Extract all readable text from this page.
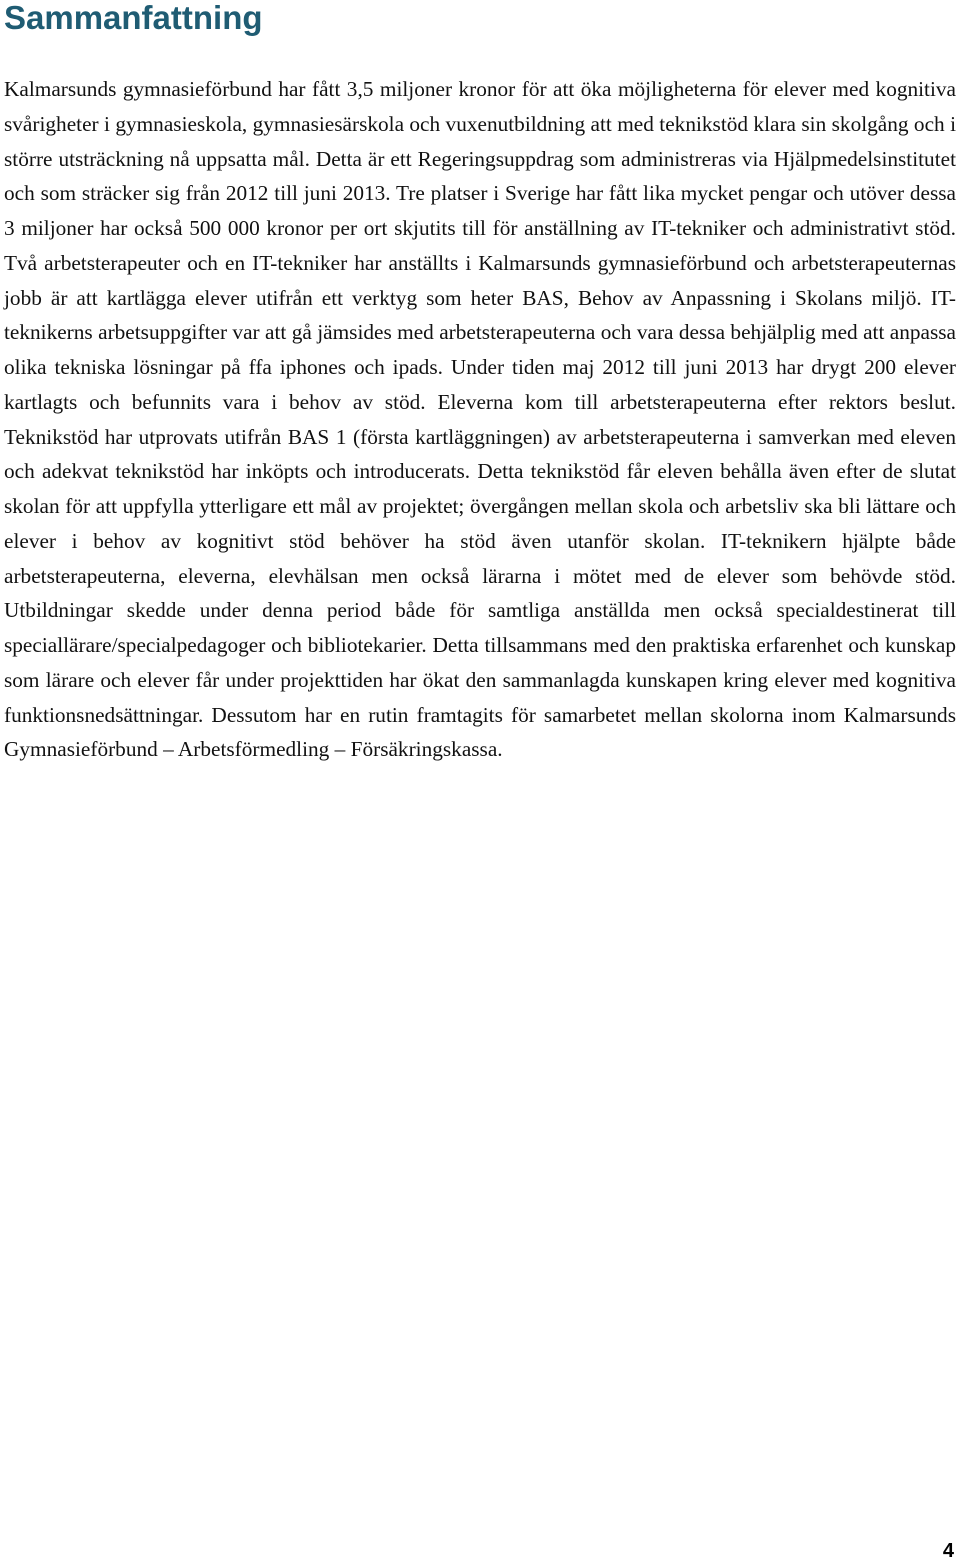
Sammanfattning

Kalmarsunds gymnasieförbund har fått 3,5 miljoner kronor för att öka möjligheterna för elever med kognitiva svårigheter i gymnasieskola, gymnasiesärskola och vuxenutbildning att med teknikstöd klara sin skolgång och i större utsträckning nå uppsatta mål. Detta är ett Regeringsuppdrag som administreras via Hjälpmedelsinstitutet och som sträcker sig från 2012 till juni 2013. Tre platser i Sverige har fått lika mycket pengar och utöver dessa 3 miljoner har också 500 000 kronor per ort skjutits till för anställning av IT-tekniker och administrativt stöd. Två arbetsterapeuter och en IT-tekniker har anställts i Kalmarsunds gymnasieförbund och arbetsterapeuternas jobb är att kartlägga elever utifrån ett verktyg som heter BAS, Behov av Anpassning i Skolans miljö. IT-teknikerns arbetsuppgifter var att gå jämsides med arbetsterapeuterna och vara dessa behjälplig med att anpassa olika tekniska lösningar på ffa iphones och ipads. Under tiden maj 2012 till juni 2013 har drygt 200 elever kartlagts och befunnits vara i behov av stöd. Eleverna kom till arbetsterapeuterna efter rektors beslut. Teknikstöd har utprovats utifrån BAS 1 (första kartläggningen) av arbetsterapeuterna i samverkan med eleven och adekvat teknikstöd har inköpts och introducerats. Detta teknikstöd får eleven behålla även efter de slutat skolan för att uppfylla ytterligare ett mål av projektet; övergången mellan skola och arbetsliv ska bli lättare och elever i behov av kognitivt stöd behöver ha stöd även utanför skolan. IT-teknikern hjälpte både arbetsterapeuterna, eleverna, elevhälsan men också lärarna i mötet med de elever som behövde stöd. Utbildningar skedde under denna period både för samtliga anställda men också specialdestinerat till speciallärare/specialpedagoger och bibliotekarier. Detta tillsammans med den praktiska erfarenhet och kunskap som lärare och elever får under projekttiden har ökat den sammanlagda kunskapen kring elever med kognitiva funktionsnedsättningar. Dessutom har en rutin framtagits för samarbetet mellan skolorna inom Kalmarsunds Gymnasieförbund – Arbetsförmedling – Försäkringskassa.

4
